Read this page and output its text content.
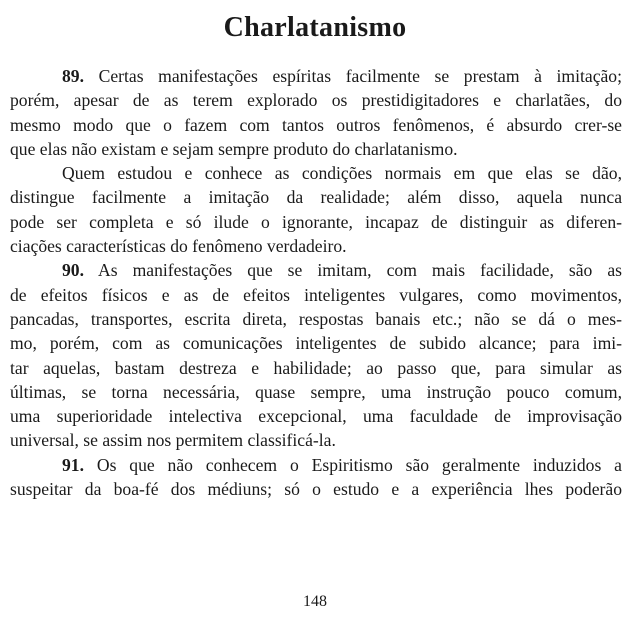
Charlatanismo
89. Certas manifestações espíritas facilmente se prestam à imitação;
porém, apesar de as terem explorado os prestidigitadores e charlatães, do
mesmo modo que o fazem com tantos outros fenômenos, é absurdo crer-se
que elas não existam e sejam sempre produto do charlatanismo.
Quem estudou e conhece as condições normais em que elas se dão,
distingue facilmente a imitação da realidade; além disso, aquela nunca
pode ser completa e só ilude o ignorante, incapaz de distinguir as diferen-
ciações características do fenômeno verdadeiro.
90. As manifestações que se imitam, com mais facilidade, são as
de efeitos físicos e as de efeitos inteligentes vulgares, como movimentos,
pancadas, transportes, escrita direta, respostas banais etc.; não se dá o mes-
mo, porém, com as comunicações inteligentes de subido alcance; para imi-
tar aquelas, bastam destreza e habilidade; ao passo que, para simular as
últimas, se torna necessária, quase sempre, uma instrução pouco comum,
uma superioridade intelectiva excepcional, uma faculdade de improvisação
universal, se assim nos permitem classificá-la.
91. Os que não conhecem o Espiritismo são geralmente induzidos a
suspeitar da boa-fé dos médiuns; só o estudo e a experiência lhes poderão
148
